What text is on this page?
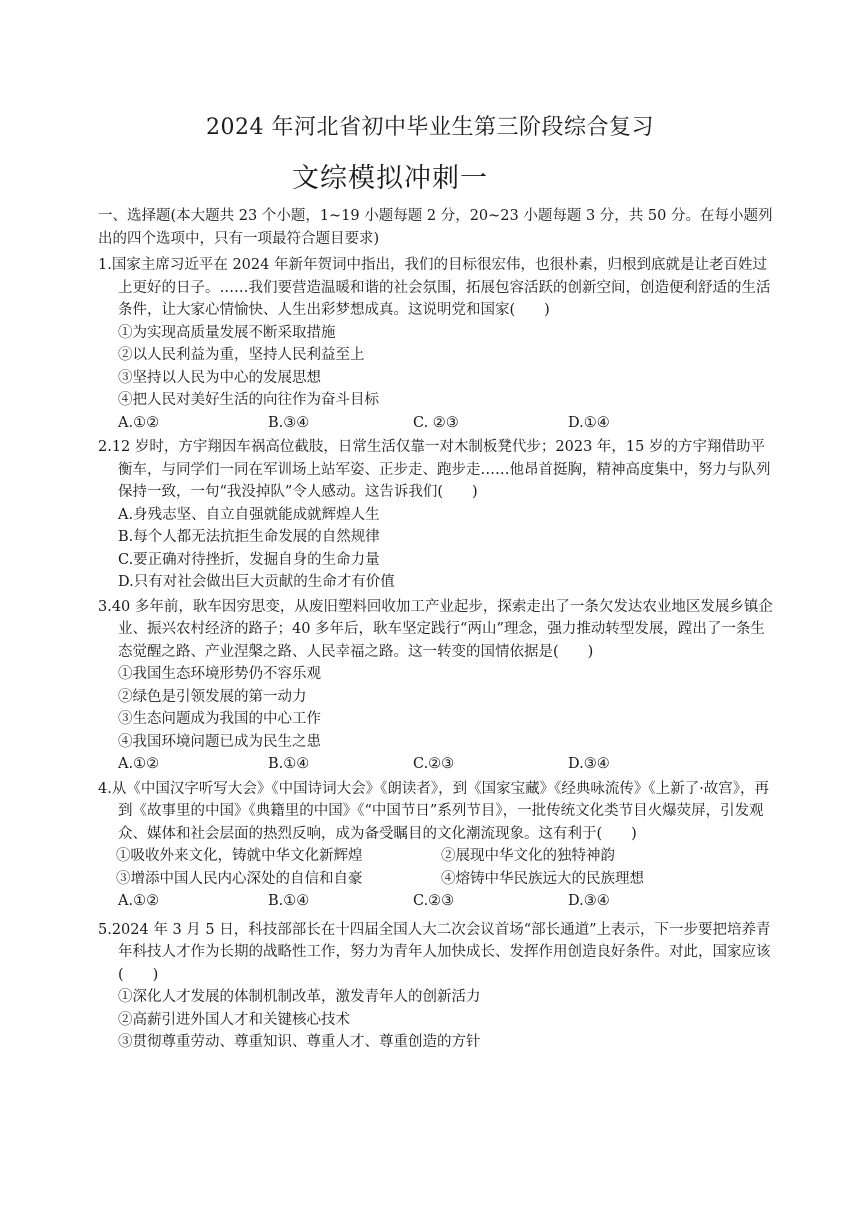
2024 年河北省初中毕业生第三阶段综合复习
文综模拟冲刺一
一、选择题(本大题共 23 个小题，1~19 小题每题 2 分，20~23 小题每题 3 分，共 50 分。在每小题列出的四个选项中，只有一项最符合题目要求)
1.国家主席习近平在 2024 年新年贺词中指出，我们的目标很宏伟，也很朴素，归根到底就是让老百姓过上更好的日子。……我们要营造温暖和谐的社会氛围，拓展包容活跃的创新空间，创造便利舒适的生活条件，让大家心情愉快、人生出彩梦想成真。这说明党和国家(　　)
①为实现高质量发展不断采取措施
②以人民利益为重，坚持人民利益至上
③坚持以人民为中心的发展思想
④把人民对美好生活的向往作为奋斗目标
A.①②	B.③④	C. ②③	D.①④
2.12 岁时，方宇翔因车祸高位截肢，日常生活仅靠一对木制板凳代步；2023 年，15 岁的方宇翔借助平衡车，与同学们一同在军训场上站军姿、正步走、跑步走……他昂首挺胸，精神高度集中，努力与队列保持一致，一句“我没掉队”令人感动。这告诉我们(　　)
A.身残志坚、自立自强就能成就辉煌人生
B.每个人都无法抗拒生命发展的自然规律
C.要正确对待挫折，发掘自身的生命力量
D.只有对社会做出巨大贡献的生命才有价值
3.40 多年前，耿车因穷思变，从废旧塑料回收加工产业起步，探索走出了一条欠发达农业地区发展乡镇企业、振兴农村经济的路子；40 多年后，耿车坚定践行“两山”理念，强力推动转型发展，蹚出了一条生态觉醒之路、产业涅槃之路、人民幸福之路。这一转变的国情依据是(　　)
①我国生态环境形势仍不容乐观
②绿色是引领发展的第一动力
③生态问题成为我国的中心工作
④我国环境问题已成为民生之患
A.①②	B.①④	C.②③	D.③④
4.从《中国汉字听写大会》《中国诗词大会》《朗读者》，到《国家宝藏》《经典咏流传》《上新了·故宫》，再到《故事里的中国》《典籍里的中国》《“中国节日”系列节目》，一批传统文化类节目火爆荧屏，引发观众、媒体和社会层面的热烈反响，成为备受瞩目的文化潮流现象。这有利于(　　)
①吸收外来文化，铸就中华文化新辉煌	②展现中华文化的独特神韵
③增添中国人民内心深处的自信和自豪	④熔铸中华民族远大的民族理想
A.①②	B.①④	C.②③	D.③④
5.2024 年 3 月 5 日，科技部部长在十四届全国人大二次会议首场“部长通道”上表示，下一步要把培养青年科技人才作为长期的战略性工作，努力为青年人加快成长、发挥作用创造良好条件。对此，国家应该(　　)
①深化人才发展的体制机制改革，激发青年人的创新活力
②高薪引进外国人才和关键核心技术
③贯彻尊重劳动、尊重知识、尊重人才、尊重创造的方针
